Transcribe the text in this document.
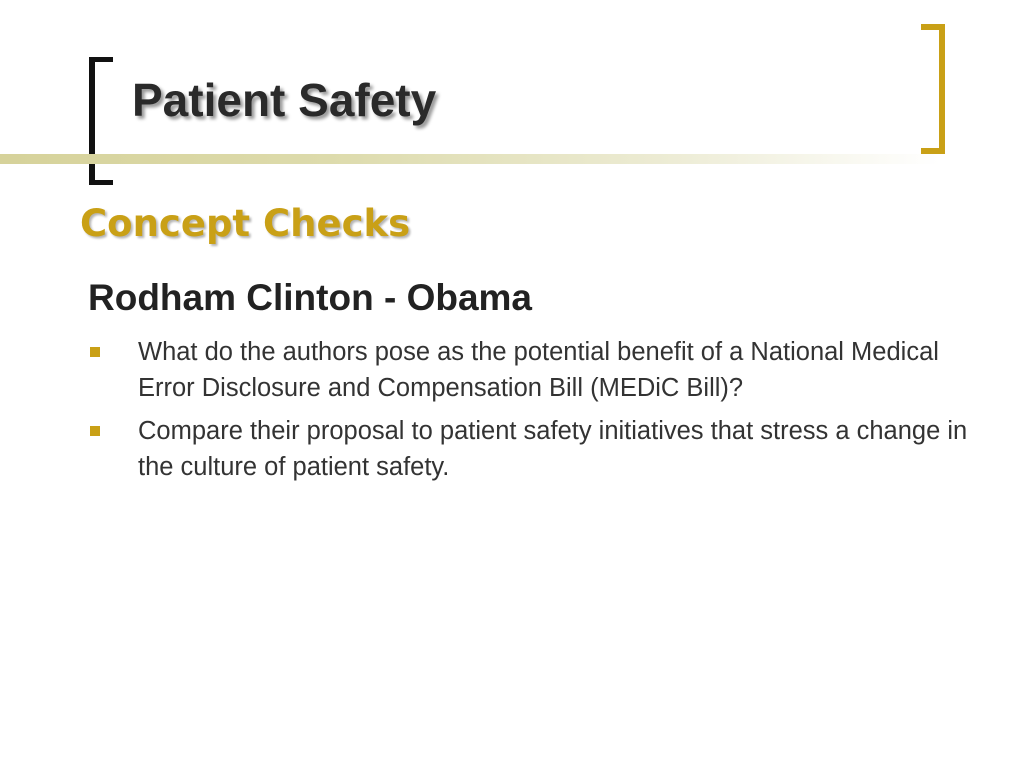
Patient Safety
Concept Checks
Rodham Clinton - Obama
What do the authors pose as the potential benefit of a National Medical Error Disclosure and Compensation Bill (MEDiC Bill)?
Compare their proposal to patient safety initiatives that stress a change in the culture of patient safety.
